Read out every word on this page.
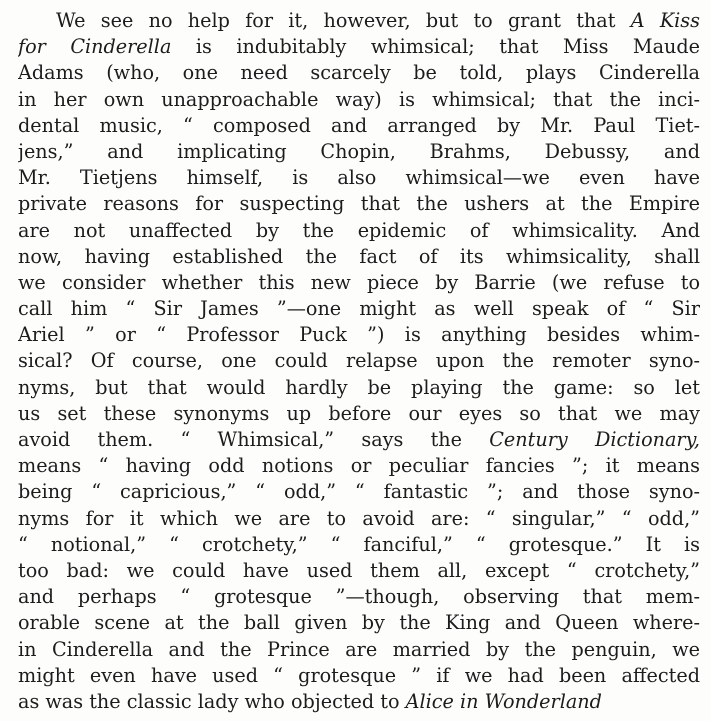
We see no help for it, however, but to grant that A Kiss
for Cinderella is indubitably whimsical; that Miss Maude
Adams (who, one need scarcely be told, plays Cinderella
in her own unapproachable way) is whimsical; that the inci-
dental music, “ composed and arranged by Mr. Paul Tiet-
jens,” and implicating Chopin, Brahms, Debussy, and
Mr. Tietjens himself, is also whimsical—we even have
private reasons for suspecting that the ushers at the Empire
are not unaffected by the epidemic of whimsicality. And
now, having established the fact of its whimsicality, shall
we consider whether this new piece by Barrie (we refuse to
call him “ Sir James ”—one might as well speak of “ Sir
Ariel ” or “ Professor Puck ”) is anything besides whim-
sical? Of course, one could relapse upon the remoter syno-
nyms, but that would hardly be playing the game: so let
us set these synonyms up before our eyes so that we may
avoid them. “ Whimsical,” says the Century Dictionary,
means “ having odd notions or peculiar fancies ”; it means
being “ capricious,” “ odd,” “ fantastic ”; and those syno-
nyms for it which we are to avoid are: “ singular,” “ odd,”
“ notional,” “ crotchety,” “ fanciful,” “ grotesque.” It is
too bad: we could have used them all, except “ crotchety,”
and perhaps “ grotesque ”—though, observing that mem-
orable scene at the ball given by the King and Queen where-
in Cinderella and the Prince are married by the penguin, we
might even have used “ grotesque ” if we had been affected
as was the classic lady who objected to Alice in Wonderland
